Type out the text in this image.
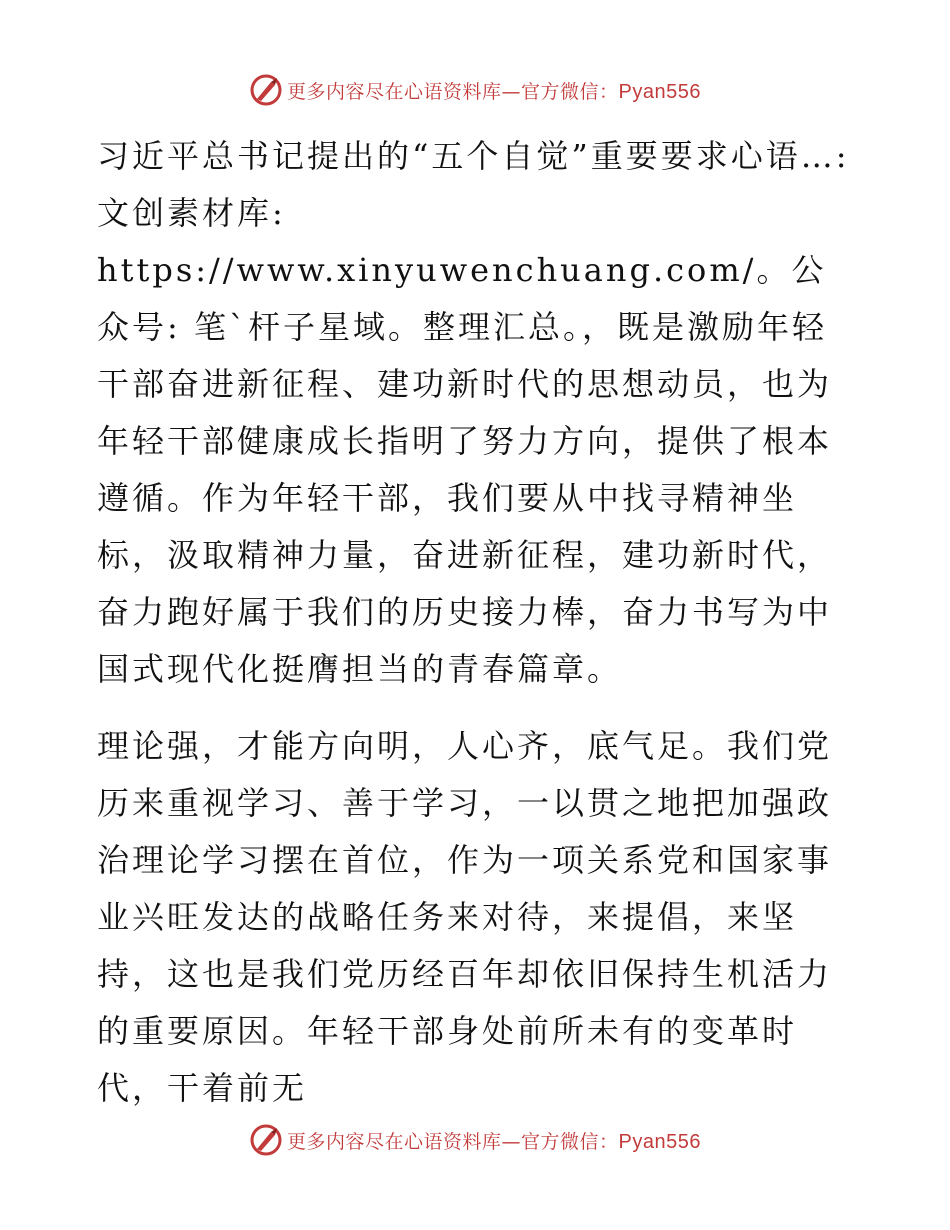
更多内容尽在心语资料库—官方微信：Pyan556

习近平总书记提出的“五个自觉”重要要求心语…: 文创素材库: https://www.xinyuwenchuang.com/。公众号: 笔`杆子星域。整理汇总。，既是激励年轻干部奋进新征程、建功新时代的思想动员，也为年轻干部健康成长指明了努力方向，提供了根本遵循。作为年轻干部，我们要从中找寻精神坐标，汲取精神力量，奋进新征程，建功新时代，奋力跑好属于我们的历史接力棒，奋力书写为中国式现代化挺膺担当的青春篇章。

理论强，才能方向明，人心齐，底气足。我们党历来重视学习、善于学习，一以贯之地把加强政治理论学习摆在首位，作为一项关系党和国家事业兴旺发达的战略任务来对待，来提倡，来坚持，这也是我们党历经百年却依旧保持生机活力的重要原因。年轻干部身处前所未有的变革时代，干着前无

更多内容尽在心语资料库—官方微信：Pyan556
